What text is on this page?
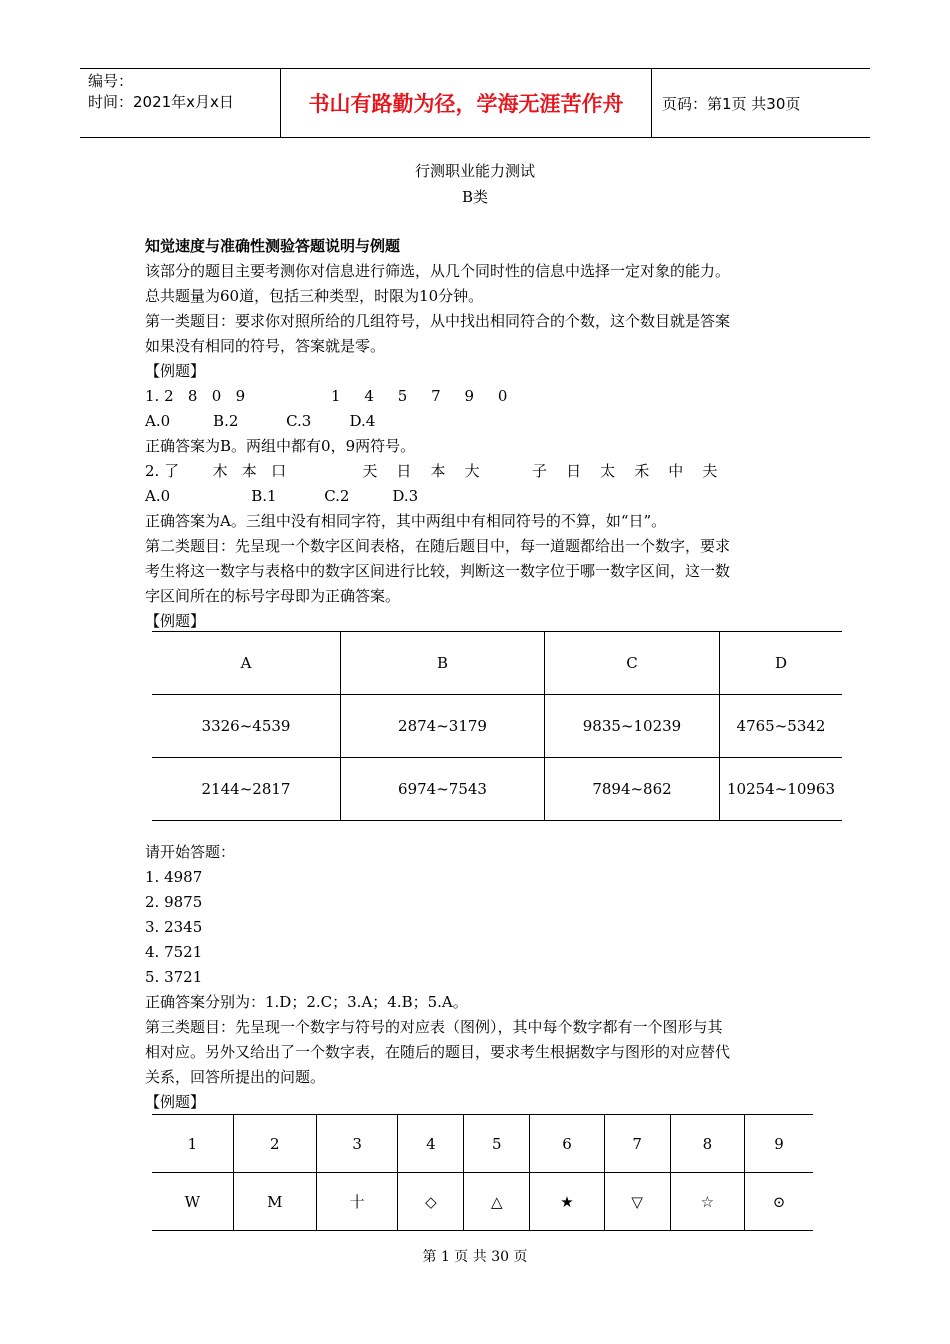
编号：
时间：2021年x月x日	书山有路勤为径，学海无涯苦作舟	页码：第1页 共30页
行测职业能力测试
B类

知觉速度与准确性测验答题说明与例题

该部分的题目主要考测你对信息进行筛选，从几个同时性的信息中选择一定对象的能力。

总共题量为60道，包括三种类型，时限为10分钟。

第一类题目：要求你对照所给的几组符号，从中找出相同符合的个数，这个数目就是答案

如果没有相同的符号，答案就是零。

【例题】

1. 2   8   0   9                  1     4     5     7     9     0

A.0         B.2          C.3        D.4

正确答案为B。两组中都有0，9两符号。

2. 了       木   本   口                天    日    本    大           子    日    太    禾    中    夫

A.0                 B.1          C.2         D.3

正确答案为A。三组中没有相同字符，其中两组中有相同符号的不算，如“日”。

第二类题目：先呈现一个数字区间表格，在随后题目中，每一道题都给出一个数字，要求

考生将这一数字与表格中的数字区间进行比较，判断这一数字位于哪一数字区间，这一数

字区间所在的标号字母即为正确答案。

【例题】

A	B	C	D
3326~4539	2874~3179	9835~10239	4765~5342
2144~2817	6974~7543	7894~862	10254~10963

请开始答题：

1. 4987

2. 9875

3. 2345

4. 7521

5. 3721

正确答案分别为：1.D；2.C；3.A；4.B；5.A。

第三类题目：先呈现一个数字与符号的对应表（图例），其中每个数字都有一个图形与其

相对应。另外又给出了一个数字表，在随后的题目，要求考生根据数字与图形的对应替代

关系，回答所提出的问题。

【例题】

1	2	3	4	5	6	7	8	9
W	M	十	◇	△	★	▽	☆	⊙
第 1 页 共 30 页
